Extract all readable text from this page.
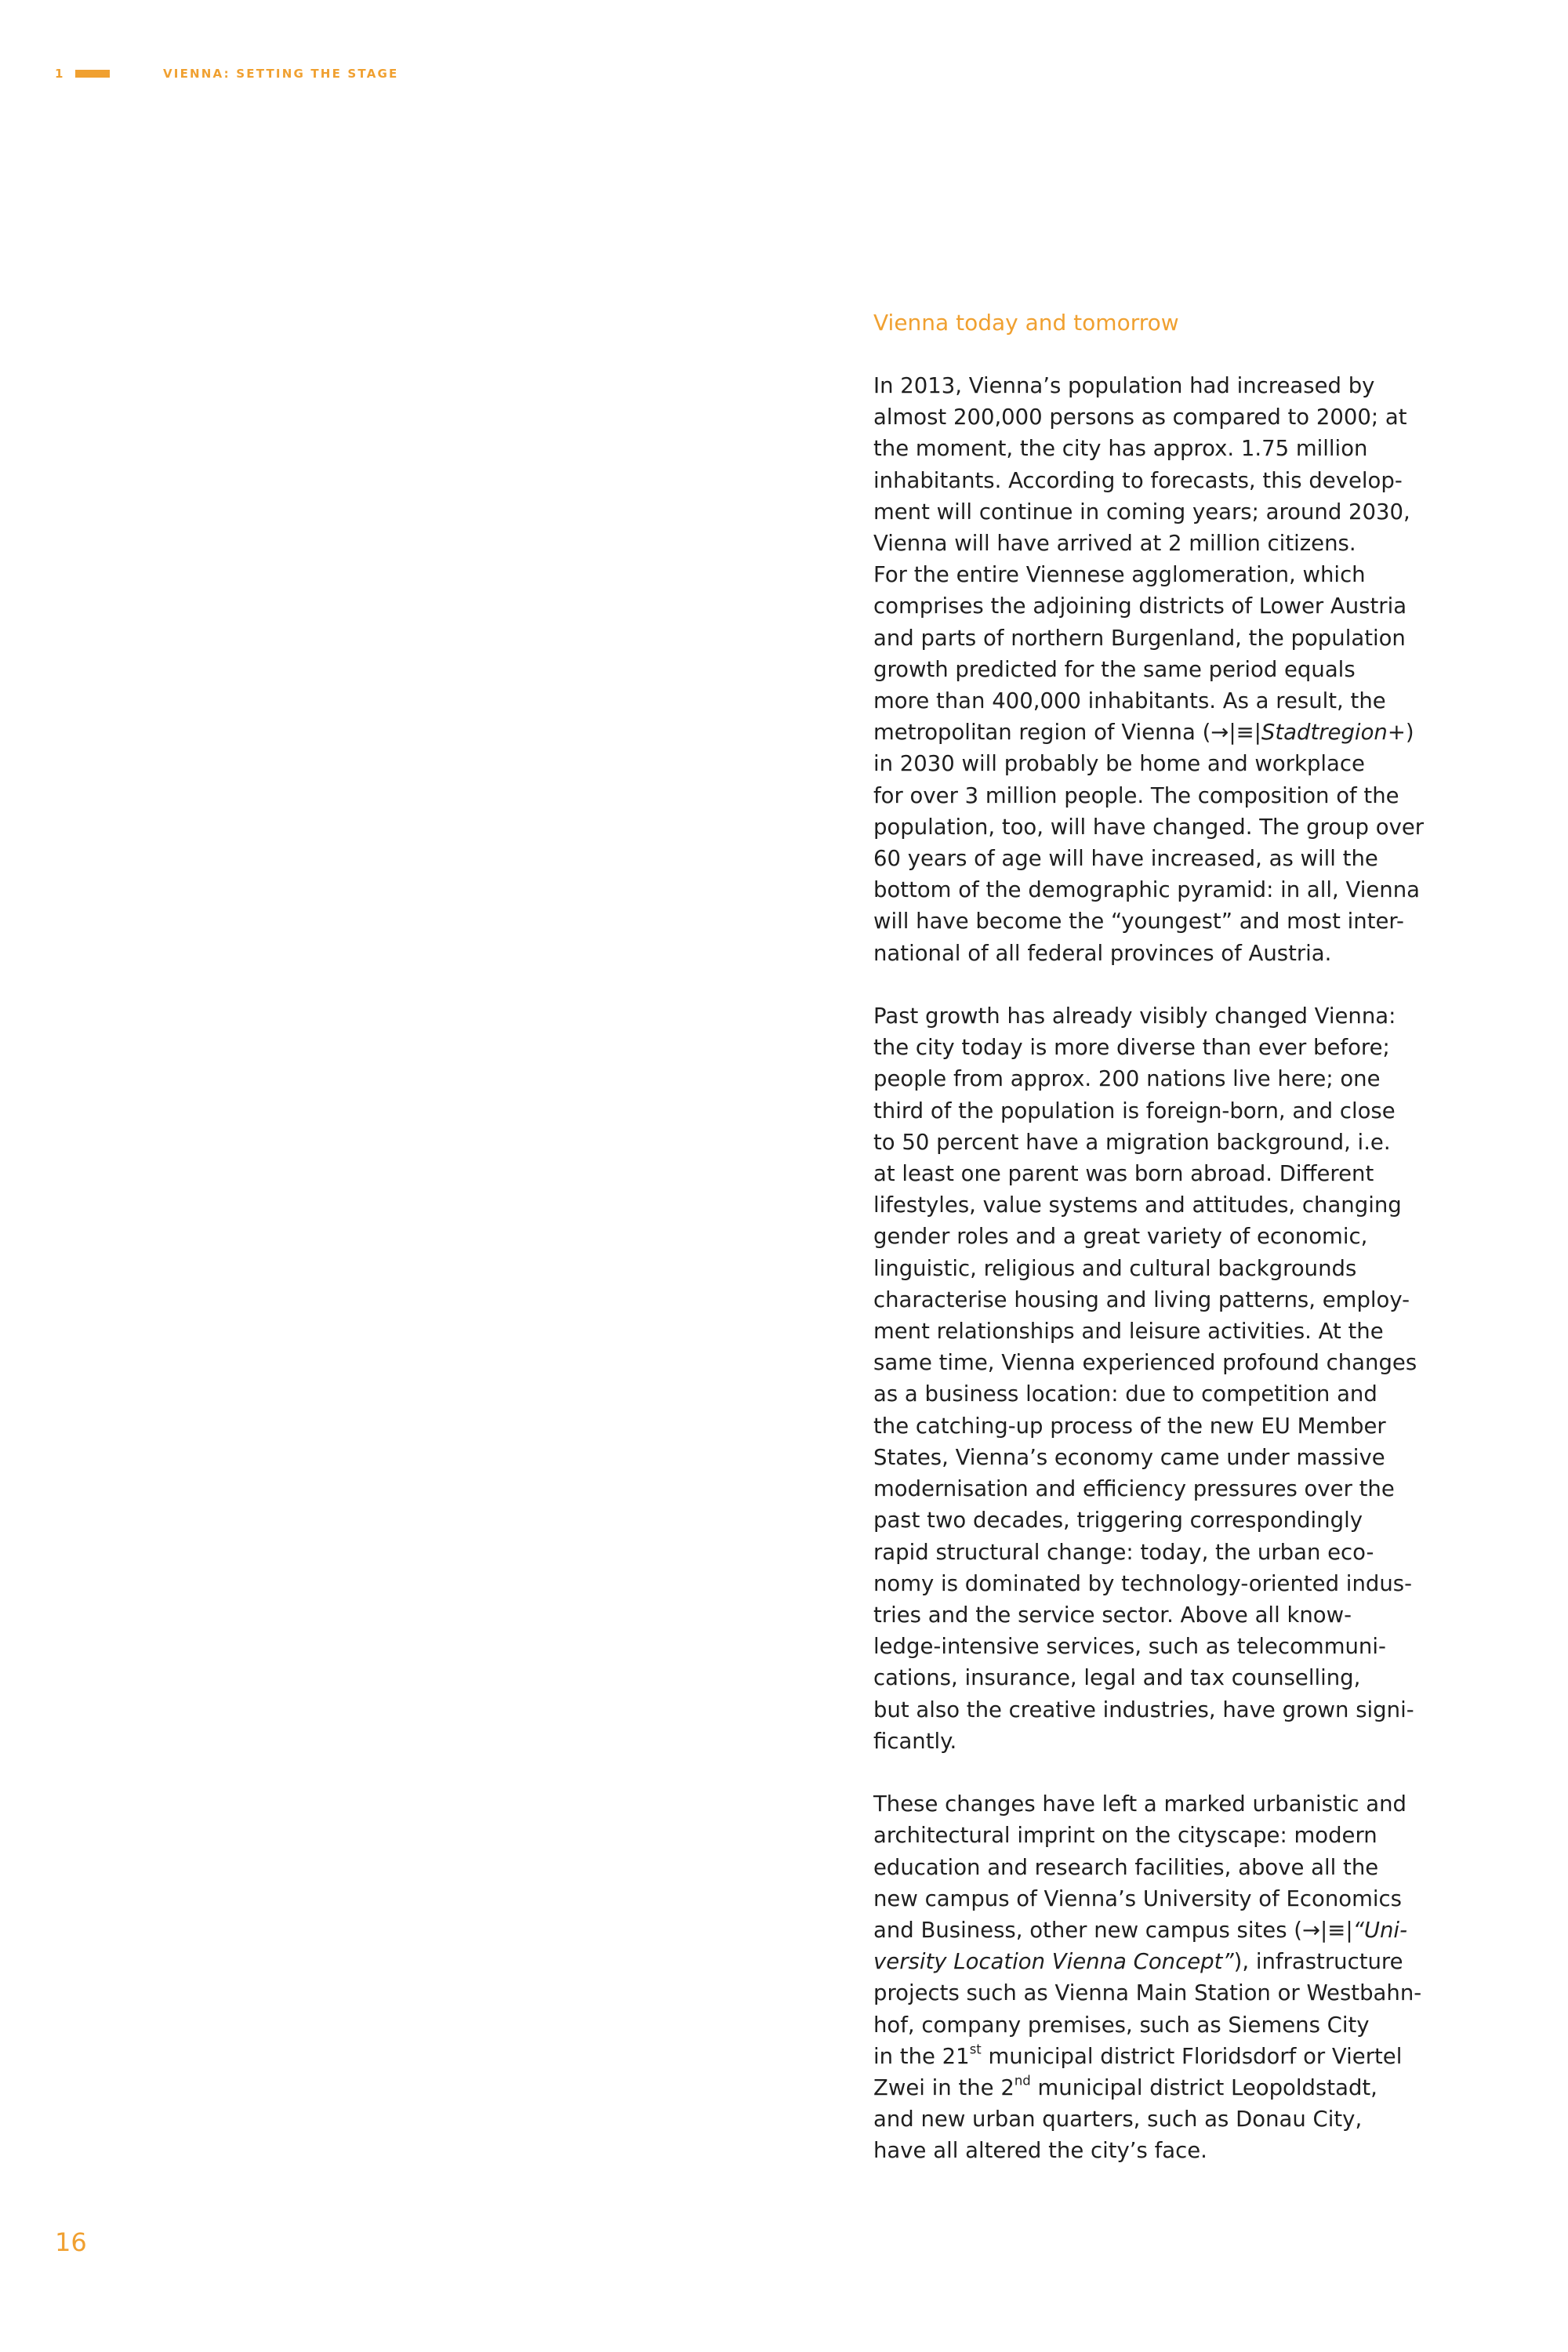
1	VIENNA: SETTING THE STAGE
Vienna today and tomorrow

In 2013, Vienna’s population had increased by
almost 200,000 persons as compared to 2000; at
the moment, the city has approx. 1.75 million
inhabitants. According to forecasts, this develop-
ment will continue in coming years; around 2030,
Vienna will have arrived at 2 million citizens.
For the entire Viennese agglomeration, which
comprises the adjoining districts of Lower Austria
and parts of northern Burgenland, the population
growth predicted for the same period equals
more than 400,000 inhabitants. As a result, the
metropolitan region of Vienna (→|≡|Stadtregion+)
in 2030 will probably be home and workplace
for over 3 million people. The composition of the
population, too, will have changed. The group over
60 years of age will have increased, as will the
bottom of the demographic pyramid: in all, Vienna
will have become the “youngest” and most inter-
national of all federal provinces of Austria.

Past growth has already visibly changed Vienna:
the city today is more diverse than ever before;
people from approx. 200 nations live here; one
third of the population is foreign-born, and close
to 50 percent have a migration background, i.e.
at least one parent was born abroad. Different
lifestyles, value systems and attitudes, changing
gender roles and a great variety of economic,
linguistic, religious and cultural backgrounds
characterise housing and living patterns, employ-
ment relationships and leisure activities. At the
same time, Vienna experienced profound changes
as a business location: due to competition and
the catching-up process of the new EU Member
States, Vienna’s economy came under massive
modernisation and efficiency pressures over the
past two decades, triggering correspondingly
rapid structural change: today, the urban eco-
nomy is dominated by technology-oriented indus-
tries and the service sector. Above all know-
ledge-intensive services, such as telecommuni-
cations, insurance, legal and tax counselling,
but also the creative industries, have grown signi-
ficantly.

These changes have left a marked urbanistic and
architectural imprint on the cityscape: modern
education and research facilities, above all the
new campus of Vienna’s University of Economics
and Business, other new campus sites (→|≡|“Uni-
versity Location Vienna Concept”), infrastructure
projects such as Vienna Main Station or Westbahn-
hof, company premises, such as Siemens City
in the 21st municipal district Floridsdorf or Viertel
Zwei in the 2nd municipal district Leopoldstadt,
and new urban quarters, such as Donau City,
have all altered the city’s face.

16
